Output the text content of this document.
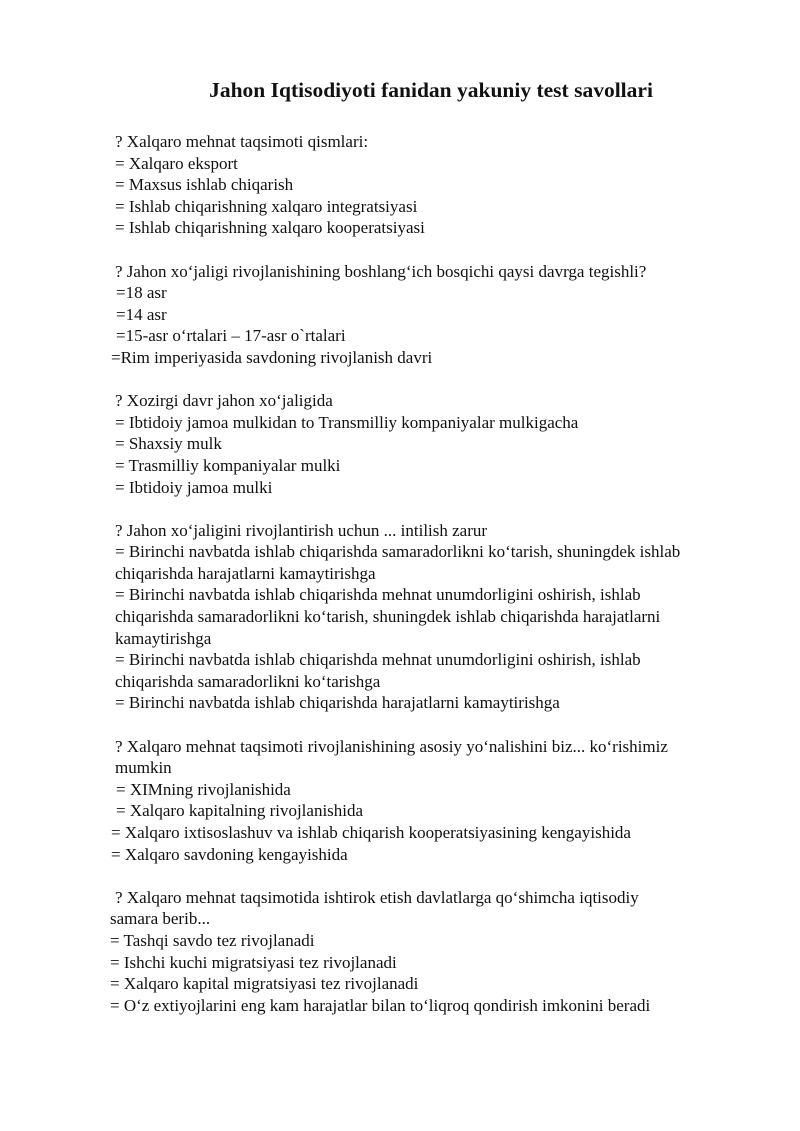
Jahon Iqtisodiyoti fanidan yakuniy test savollari
? Xalqaro mehnat taqsimoti qismlari:
= Xalqaro eksport
= Maxsus ishlab chiqarish
= Ishlab chiqarishning xalqaro integratsiyasi
= Ishlab chiqarishning xalqaro kooperatsiyasi
? Jahon xo‘jaligi rivojlanishining boshlang‘ich bosqichi qaysi davrga tegishli?
=18 asr
=14 asr
=15-asr o‘rtalari – 17-asr o`rtalari
=Rim imperiyasida savdoning rivojlanish davri
? Xozirgi davr jahon xo‘jaligida
= Ibtidoiy jamoa mulkidan to Transmilliy kompaniyalar mulkigacha
= Shaxsiy mulk
= Trasmilliy kompaniyalar mulki
= Ibtidoiy jamoa mulki
? Jahon xo‘jaligini rivojlantirish uchun ... intilish zarur
= Birinchi navbatda ishlab chiqarishda samaradorlikni ko‘tarish, shuningdek ishlab
chiqarishda harajatlarni kamaytirishga
= Birinchi navbatda ishlab chiqarishda mehnat unumdorligini oshirish, ishlab
chiqarishda samaradorlikni ko‘tarish, shuningdek ishlab chiqarishda harajatlarni
kamaytirishga
= Birinchi navbatda ishlab chiqarishda mehnat unumdorligini oshirish, ishlab
chiqarishda samaradorlikni ko‘tarishga
= Birinchi navbatda ishlab chiqarishda harajatlarni kamaytirishga
? Xalqaro mehnat taqsimoti rivojlanishining asosiy yo‘nalishini biz... ko‘rishimiz
mumkin
= XIMning rivojlanishida
= Xalqaro kapitalning rivojlanishida
= Xalqaro ixtisoslashuv va ishlab chiqarish kooperatsiyasining kengayishida
= Xalqaro savdoning kengayishida
? Xalqaro mehnat taqsimotida ishtirok etish davlatlarga qo‘shimcha iqtisodiy
samara berib...
= Tashqi savdo tez rivojlanadi
= Ishchi kuchi migratsiyasi tez rivojlanadi
= Xalqaro kapital migratsiyasi tez rivojlanadi
= O‘z extiyojlarini eng kam harajatlar bilan to‘liqroq qondirish imkonini beradi
